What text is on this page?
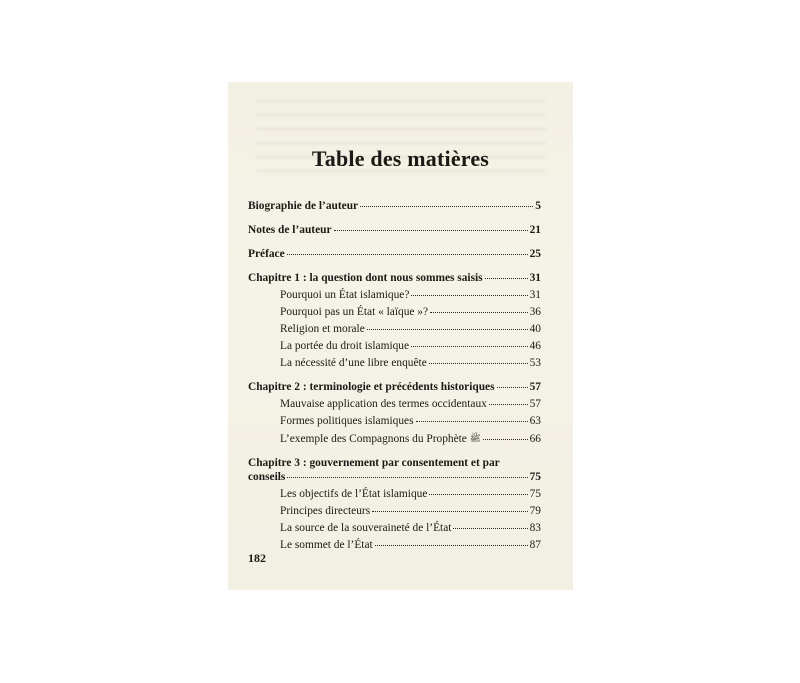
Table des matières
Biographie de l’auteur	5
Notes de l’auteur	21
Préface	25
Chapitre 1 : la question dont nous sommes saisis	31
Pourquoi un État islamique?	31
Pourquoi pas un État « laïque »?	36
Religion et morale	40
La portée du droit islamique	46
La nécessité d’une libre enquête	53
Chapitre 2 : terminologie et précédents historiques	57
Mauvaise application des termes occidentaux	57
Formes politiques islamiques	63
L’exemple des Compagnons du Prophète ﷺ	66
Chapitre 3 : gouvernement par consentement et par
conseils	75
Les objectifs de l’État islamique	75
Principes directeurs	79
La source de la souveraineté de l’État	83
Le sommet de l’État	87
182
